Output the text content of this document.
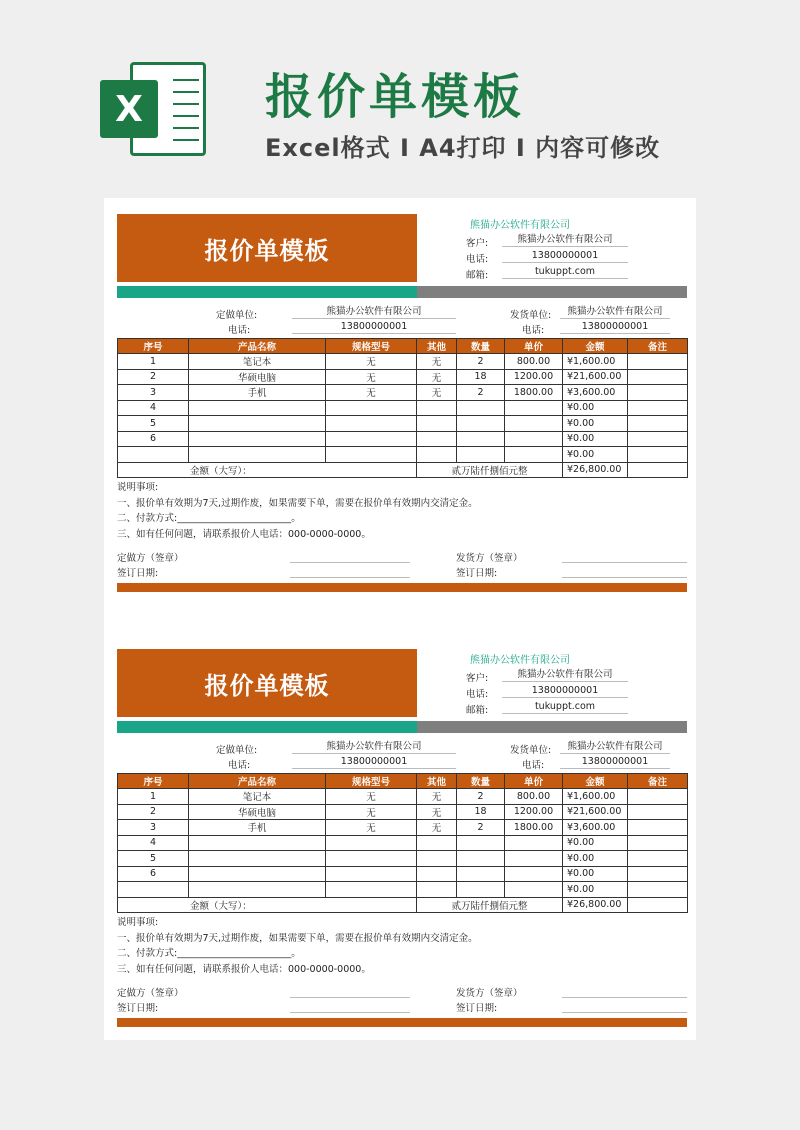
X	报价单模板
Excel格式 I A4打印 I 内容可修改
报价单模板
熊猫办公软件有限公司
客户:	熊猫办公软件有限公司
电话:	13800000001
邮箱:	tukuppt.com
定做单位:	熊猫办公软件有限公司
电话:	13800000001
发货单位:	熊猫办公软件有限公司
电话:	13800000001
序号	产品名称	规格型号	其他	数量	单价	金额	备注
1	笔记本	无	无	2	800.00	¥1,600.00	
2	华硕电脑	无	无	18	1200.00	¥21,600.00	
3	手机	无	无	2	1800.00	¥3,600.00	
4						¥0.00	
5						¥0.00	
6						¥0.00	
						¥0.00	
金额（大写）：			贰万陆仟捌佰元整			¥26,800.00	
说明事项:
一、报价单有效期为7天,过期作废，如果需要下单，需要在报价单有效期内交清定金。
二、付款方式:________________________。
三、如有任何问题，请联系报价人电话：000-0000-0000。
定做方（签章）
签订日期:
发货方（签章）
签订日期:
报价单模板
熊猫办公软件有限公司
客户:	熊猫办公软件有限公司
电话:	13800000001
邮箱:	tukuppt.com
定做单位:	熊猫办公软件有限公司
电话:	13800000001
发货单位:	熊猫办公软件有限公司
电话:	13800000001
序号	产品名称	规格型号	其他	数量	单价	金额	备注
1	笔记本	无	无	2	800.00	¥1,600.00	
2	华硕电脑	无	无	18	1200.00	¥21,600.00	
3	手机	无	无	2	1800.00	¥3,600.00	
4						¥0.00	
5						¥0.00	
6						¥0.00	
						¥0.00	
金额（大写）：			贰万陆仟捌佰元整			¥26,800.00	
说明事项:
一、报价单有效期为7天,过期作废，如果需要下单，需要在报价单有效期内交清定金。
二、付款方式:________________________。
三、如有任何问题，请联系报价人电话：000-0000-0000。
定做方（签章）
签订日期:
发货方（签章）
签订日期:
